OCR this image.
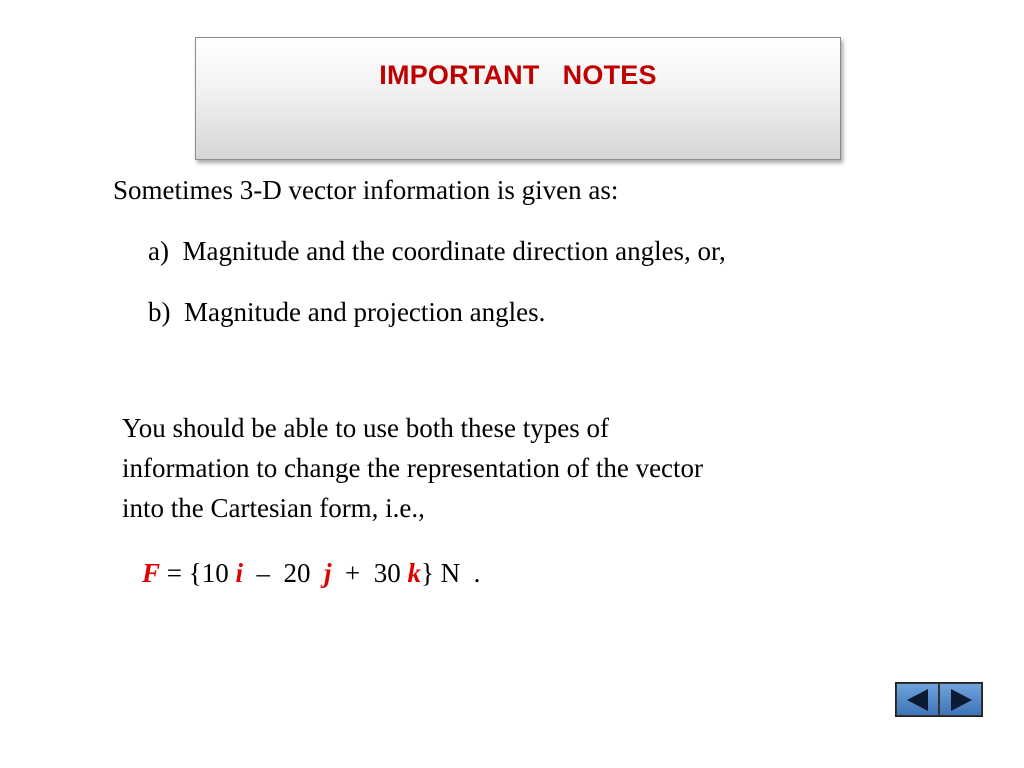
IMPORTANT   NOTES
Sometimes 3-D vector information is given as:
a)  Magnitude and the coordinate direction angles, or,
b)  Magnitude and projection angles.
You should be able to use both these types of
information to change the representation of the vector
into the Cartesian form, i.e.,
F = {10 i  –  20  j  +  30 k} N  .
